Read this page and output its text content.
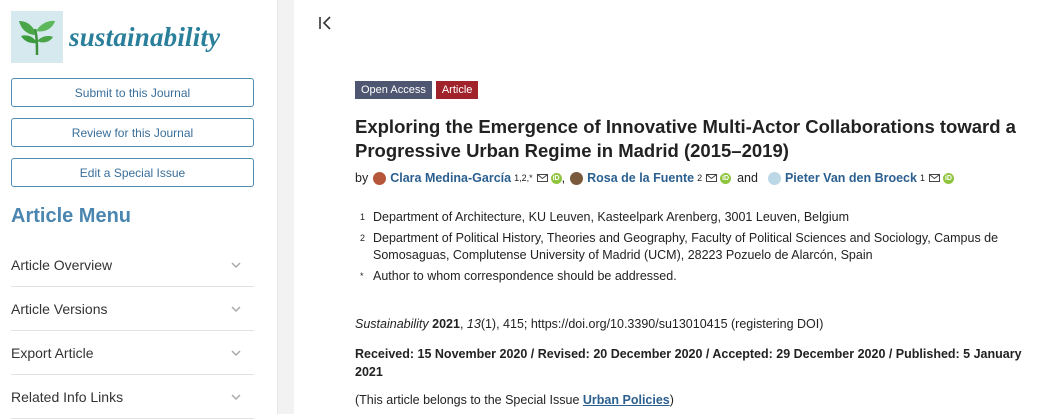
sustainability
Submit to this Journal
Review for this Journal
Edit a Special Issue
Article Menu
Article Overview
Article Versions
Export Article
Related Info Links
Open Access	Article
Exploring the Emergence of Innovative Multi-Actor Collaborations toward a Progressive Urban Regime in Madrid (2015–2019)
by Clara Medina-García 1,2,*	iD , Rosa de la Fuente 2	iD and Pieter Van den Broeck 1	iD
1 Department of Architecture, KU Leuven, Kasteelpark Arenberg, 3001 Leuven, Belgium
2 Department of Political History, Theories and Geography, Faculty of Political Sciences and Sociology, Campus de Somosaguas, Complutense University of Madrid (UCM), 28223 Pozuelo de Alarcón, Spain
* Author to whom correspondence should be addressed.
Sustainability 2021, 13(1), 415; https://doi.org/10.3390/su13010415 (registering DOI)
Received: 15 November 2020 / Revised: 20 December 2020 / Accepted: 29 December 2020 / Published: 5 January 2021
(This article belongs to the Special Issue Urban Policies)
